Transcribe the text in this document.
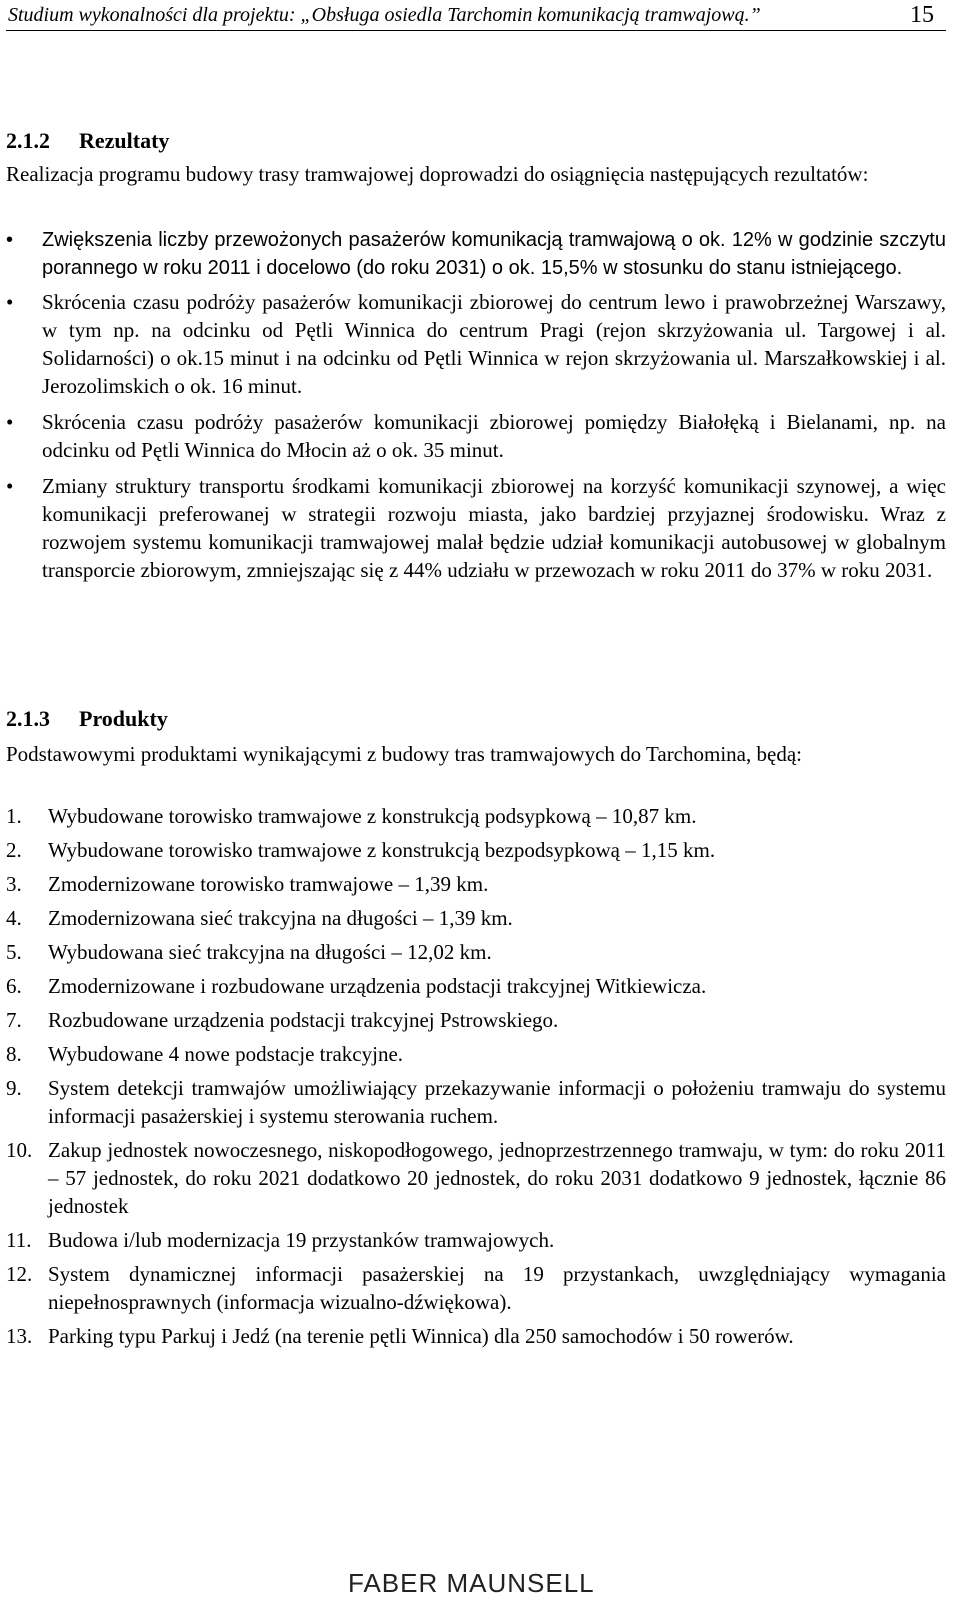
Studium wykonalności dla projektu: „Obsługa osiedla Tarchomin komunikacją tramwajową.”	15
2.1.2 Rezultaty
Realizacja programu budowy trasy tramwajowej doprowadzi do osiągnięcia następujących rezultatów:
•	Zwiększenia liczby przewożonych pasażerów komunikacją tramwajową o ok. 12% w godzinie szczytu porannego w roku 2011 i docelowo (do roku 2031) o ok. 15,5% w stosunku do stanu istniejącego.
•	Skrócenia czasu podróży pasażerów komunikacji zbiorowej do centrum lewo i prawobrzeżnej Warszawy, w tym np. na odcinku od Pętli Winnica do centrum Pragi (rejon skrzyżowania ul. Targowej i al. Solidarności) o ok.15 minut i na odcinku od Pętli Winnica w rejon skrzyżowania ul. Marszałkowskiej i al. Jerozolimskich o ok. 16 minut.
•	Skrócenia czasu podróży pasażerów komunikacji zbiorowej pomiędzy Białołęką i Bielanami, np. na odcinku od Pętli Winnica do Młocin aż o ok. 35 minut.
•	Zmiany struktury transportu środkami komunikacji zbiorowej na korzyść komunikacji szynowej, a więc komunikacji preferowanej w strategii rozwoju miasta, jako bardziej przyjaznej środowisku. Wraz z rozwojem systemu komunikacji tramwajowej malał będzie udział komunikacji autobusowej w globalnym transporcie zbiorowym, zmniejszając się z 44% udziału w przewozach w roku 2011 do 37% w roku 2031.
2.1.3 Produkty
Podstawowymi produktami wynikającymi z budowy tras tramwajowych do Tarchomina, będą:
1. Wybudowane torowisko tramwajowe z konstrukcją podsypkową – 10,87 km.
2. Wybudowane torowisko tramwajowe z konstrukcją bezpodsypkową – 1,15 km.
3. Zmodernizowane torowisko tramwajowe – 1,39 km.
4. Zmodernizowana sieć trakcyjna na długości – 1,39 km.
5. Wybudowana sieć trakcyjna na długości – 12,02 km.
6. Zmodernizowane i rozbudowane urządzenia podstacji trakcyjnej Witkiewicza.
7. Rozbudowane urządzenia podstacji trakcyjnej Pstrowskiego.
8. Wybudowane 4 nowe podstacje trakcyjne.
9. System detekcji tramwajów umożliwiający przekazywanie informacji o położeniu tramwaju do systemu informacji pasażerskiej i systemu sterowania ruchem.
10. Zakup jednostek nowoczesnego, niskopodłogowego, jednoprzestrzennego tramwaju, w tym: do roku 2011 – 57 jednostek, do roku 2021 dodatkowo 20 jednostek, do roku 2031 dodatkowo 9 jednostek, łącznie 86 jednostek
11. Budowa i/lub modernizacja 19 przystanków tramwajowych.
12. System dynamicznej informacji pasażerskiej na 19 przystankach, uwzględniający wymagania niepełnosprawnych (informacja wizualno-dźwiękowa).
13. Parking typu Parkuj i Jedź (na terenie pętli Winnica) dla 250 samochodów i 50 rowerów.
FABER MAUNSELL
